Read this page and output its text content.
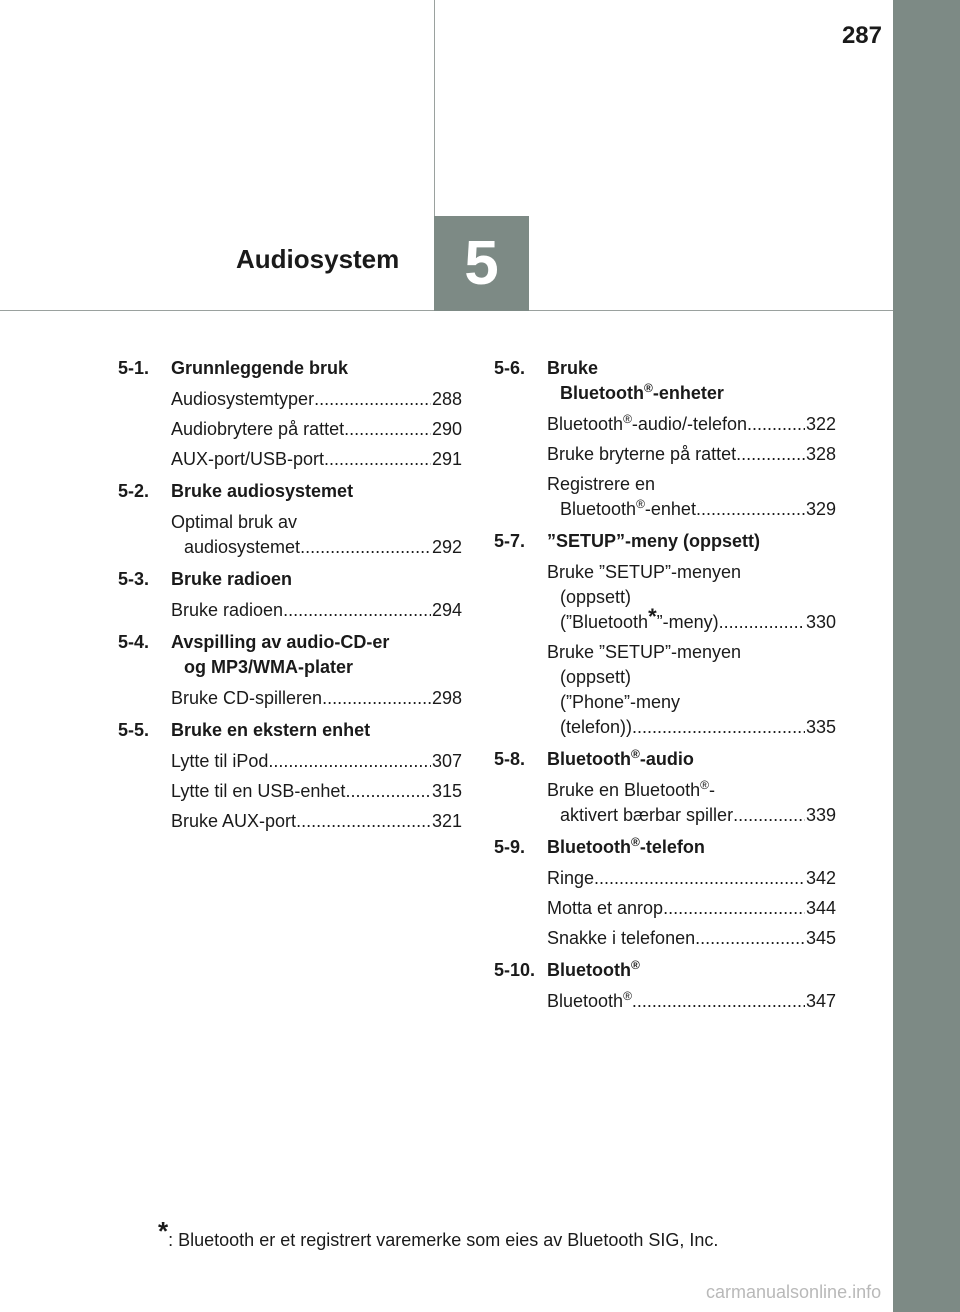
287
5
Audiosystem
5-1. Grunnleggende bruk
Audiosystemtyper .....	288
Audiobrytere på rattet .....	290
AUX-port/USB-port .....	291
5-2. Bruke audiosystemet
Optimal bruk av
audiosystemet .....	292
5-3. Bruke radioen
Bruke radioen .....	294
5-4. Avspilling av audio-CD-er
og MP3/WMA-plater
Bruke CD-spilleren .....	298
5-5. Bruke en ekstern enhet
Lytte til iPod .....	307
Lytte til en USB-enhet .....	315
Bruke AUX-port .....	321
5-6. Bruke
Bluetooth®-enheter
Bluetooth®-audio/-telefon .....	322
Bruke bryterne på rattet .....	328
Registrere en
Bluetooth®-enhet .....	329
5-7. ”SETUP”-meny (oppsett)
Bruke ”SETUP”-menyen
(oppsett)
(”Bluetooth*”-meny) .....	330
Bruke ”SETUP”-menyen
(oppsett)
(”Phone”-meny
(telefon)) .....	335
5-8. Bluetooth®-audio
Bruke en Bluetooth®-
aktivert bærbar spiller .....	339
5-9. Bluetooth®-telefon
Ringe .....	342
Motta et anrop .....	344
Snakke i telefonen .....	345
5-10. Bluetooth®
Bluetooth® .....	347
*: Bluetooth er et registrert varemerke som eies av Bluetooth SIG, Inc.
carmanualsonline.info
